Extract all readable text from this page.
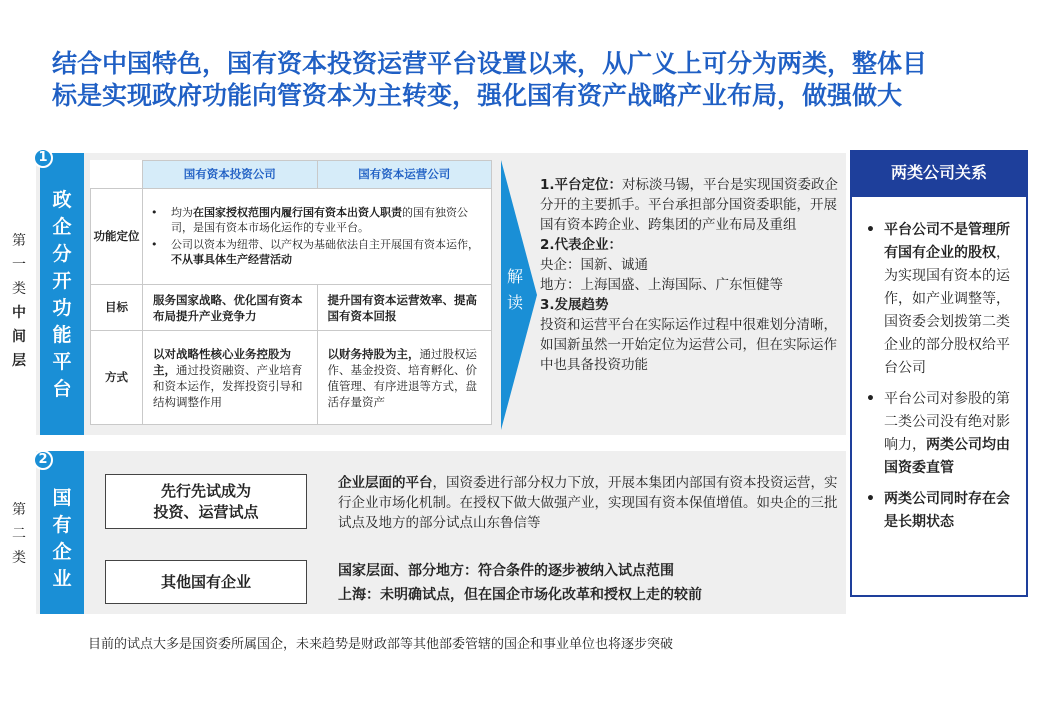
结合中国特色，国有资本投资运营平台设置以来，从广义上可分为两类，整体目
标是实现政府功能向管资本为主转变，强化国有资产战略产业布局，做强做大
政
企
分
开
功
能
平
台
1
第
一
类
中
间
层
	国有资本投资公司	国有资本运营公司
功能定位	• 均为在国家授权范围内履行国有资本出资人职责的国有独资公司，是国有资本市场化运作的专业平台。
• 公司以资本为纽带、以产权为基础依法自主开展国有资本运作，不从事具体生产经营活动	

目标	服务国家战略、优化国有资本布局提升产业竞争力	提升国有资本运营效率、提高国有资本回报
方式	以对战略性核心业务控股为主，通过投资融资、产业培育和资本运作，发挥投资引导和结构调整作用	以财务持股为主，通过股权运作、基金投资、培育孵化、价值管理、有序进退等方式，盘活存量资产
解
读
1.平台定位：对标淡马锡，平台是实现国资委政企分开的主要抓手。平台承担部分国资委职能，开展国有资本跨企业、跨集团的产业布局及重组
2.代表企业：
央企：国新、诚通
地方：上海国盛、上海国际、广东恒健等
3.发展趋势
投资和运营平台在实际运作过程中很难划分清晰，如国新虽然一开始定位为运营公司，但在实际运作中也具备投资功能
两类公司关系
• 平台公司不是管理所有国有企业的股权，为实现国有资本的运作，如产业调整等，国资委会划拨第二类企业的部分股权给平台公司
• 平台公司对参股的第二类公司没有绝对影响力，两类公司均由国资委直管
• 两类公司同时存在会是长期状态
国
有
企
业
2
第
二
类
先行先试成为
投资、运营试点
其他国有企业
企业层面的平台，国资委进行部分权力下放，开展本集团内部国有资本投资运营，实行企业市场化机制。在授权下做大做强产业，实现国有资本保值增值。如央企的三批试点及地方的部分试点山东鲁信等
国家层面、部分地方：符合条件的逐步被纳入试点范围
上海：未明确试点，但在国企市场化改革和授权上走的较前
目前的试点大多是国资委所属国企，未来趋势是财政部等其他部委管辖的国企和事业单位也将逐步突破
